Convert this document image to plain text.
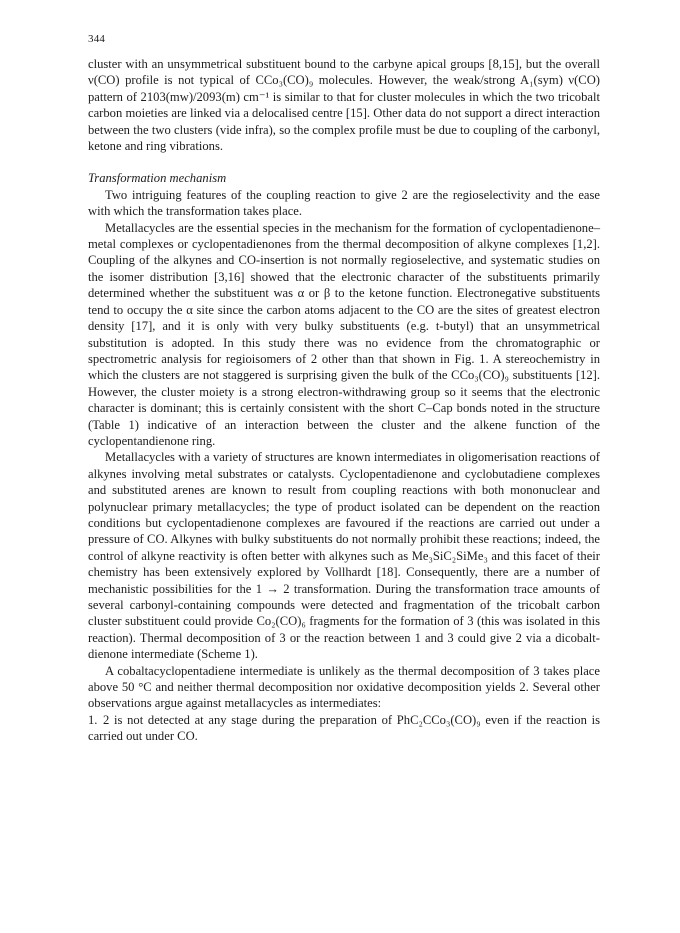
344

cluster with an unsymmetrical substituent bound to the carbyne apical groups [8,15], but the overall ν(CO) profile is not typical of CCo₃(CO)₉ molecules. However, the weak/strong A₁(sym) ν(CO) pattern of 2103(mw)/2093(m) cm⁻¹ is similar to that for cluster molecules in which the two tricobalt carbon moieties are linked via a delocalised centre [15]. Other data do not support a direct interaction between the two clusters (vide infra), so the complex profile must be due to coupling of the carbonyl, ketone and ring vibrations.

Transformation mechanism

Two intriguing features of the coupling reaction to give 2 are the regioselectivity and the ease with which the transformation takes place.

Metallacycles are the essential species in the mechanism for the formation of cyclopentadienone–metal complexes or cyclopentadienones from the thermal decomposition of alkyne complexes [1,2]. Coupling of the alkynes and CO-insertion is not normally regioselective, and systematic studies on the isomer distribution [3,16] showed that the electronic character of the substituents primarily determined whether the substituent was α or β to the ketone function. Electronegative substituents tend to occupy the α site since the carbon atoms adjacent to the CO are the sites of greatest electron density [17], and it is only with very bulky substituents (e.g. t-butyl) that an unsymmetrical substitution is adopted. In this study there was no evidence from the chromatographic or spectrometric analysis for regioisomers of 2 other than that shown in Fig. 1. A stereochemistry in which the clusters are not staggered is surprising given the bulk of the CCo₃(CO)₉ substituents [12]. However, the cluster moiety is a strong electron-withdrawing group so it seems that the electronic character is dominant; this is certainly consistent with the short C–Cap bonds noted in the structure (Table 1) indicative of an interaction between the cluster and the alkene function of the cyclopentandienone ring.

Metallacycles with a variety of structures are known intermediates in oligomerisation reactions of alkynes involving metal substrates or catalysts. Cyclopentadienone and cyclobutadiene complexes and substituted arenes are known to result from coupling reactions with both mononuclear and polynuclear primary metallacycles; the type of product isolated can be dependent on the reaction conditions but cyclopentadienone complexes are favoured if the reactions are carried out under a pressure of CO. Alkynes with bulky substituents do not normally prohibit these reactions; indeed, the control of alkyne reactivity is often better with alkynes such as Me₃SiC₂SiMe₃ and this facet of their chemistry has been extensively explored by Vollhardt [18]. Consequently, there are a number of mechanistic possibilities for the 1 → 2 transformation. During the transformation trace amounts of several carbonyl-containing compounds were detected and fragmentation of the tricobalt carbon cluster substituent could provide Co₂(CO)₆ fragments for the formation of 3 (this was isolated in this reaction). Thermal decomposition of 3 or the reaction between 1 and 3 could give 2 via a dicobalt-dienone intermediate (Scheme 1).

A cobaltacyclopentadiene intermediate is unlikely as the thermal decomposition of 3 takes place above 50 °C and neither thermal decomposition nor oxidative decomposition yields 2. Several other observations argue against metallacycles as intermediates:

1. 2 is not detected at any stage during the preparation of PhC₂CCo₃(CO)₉ even if the reaction is carried out under CO.
